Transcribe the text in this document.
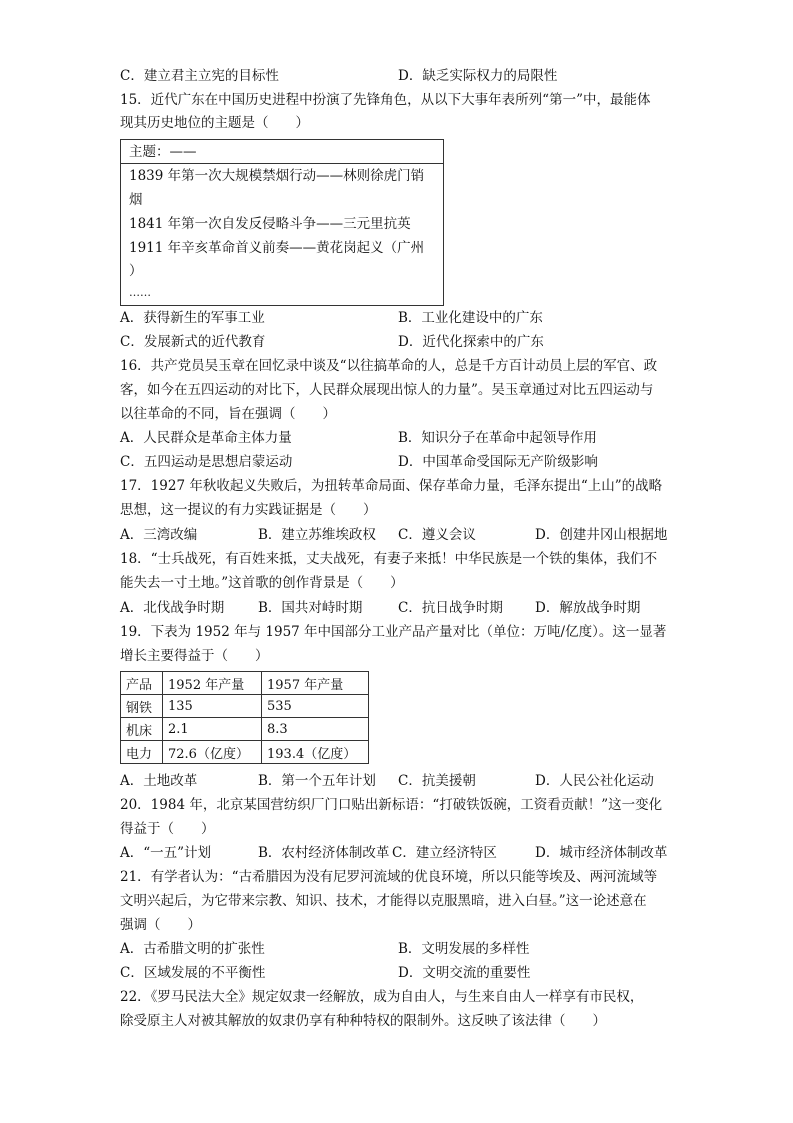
C．建立君主立宪的目标性	D．缺乏实际权力的局限性
15．近代广东在中国历史进程中扮演了先锋角色，从以下大事年表所列“第一”中，最能体
现其历史地位的主题是（　　）
主题：——
1839 年第一次大规模禁烟行动——林则徐虎门销
烟
1841 年第一次自发反侵略斗争——三元里抗英
1911 年辛亥革命首义前奏——黄花岗起义（广州
）
……
A．获得新生的军事工业	B．工业化建设中的广东
C．发展新式的近代教育	D．近代化探索中的广东
16．共产党员吴玉章在回忆录中谈及“以往搞革命的人，总是千方百计动员上层的军官、政
客，如今在五四运动的对比下，人民群众展现出惊人的力量”。吴玉章通过对比五四运动与
以往革命的不同，旨在强调（　　）
A．人民群众是革命主体力量	B．知识分子在革命中起领导作用
C．五四运动是思想启蒙运动	D．中国革命受国际无产阶级影响
17．1927 年秋收起义失败后，为扭转革命局面、保存革命力量，毛泽东提出“上山”的战略
思想，这一提议的有力实践证据是（　　）
A．三湾改编	B．建立苏维埃政权 C．遵义会议	D．创建井冈山根据地
18．“士兵战死，有百姓来抵，丈夫战死，有妻子来抵！中华民族是一个铁的集体，我们不
能失去一寸土地。”这首歌的创作背景是（　　）
A．北伐战争时期	B．国共对峙时期	C．抗日战争时期 D．解放战争时期
19．下表为 1952 年与 1957 年中国部分工业产品产量对比（单位：万吨/亿度）。这一显著
增长主要得益于（　　）
产品	1952 年产量	1957 年产量
钢铁	135	535
机床	2.1	8.3
电力	72.6（亿度）	193.4（亿度）
A．土地改革	B．第一个五年计划 C．抗美援朝	D．人民公社化运动
20．1984 年，北京某国营纺织厂门口贴出新标语：“打破铁饭碗，工资看贡献！”这一变化
得益于（　　）
A．“一五”计划	B．农村经济体制改革 C．建立经济特区	D．城市经济体制改革
21．有学者认为：“古希腊因为没有尼罗河流域的优良环境，所以只能等埃及、两河流域等
文明兴起后，为它带来宗教、知识、技术，才能得以克服黑暗，进入白昼。”这一论述意在
强调（　　）
A．古希腊文明的扩张性	B．文明发展的多样性
C．区域发展的不平衡性	D．文明交流的重要性
22．《罗马民法大全》规定奴隶一经解放，成为自由人，与生来自由人一样享有市民权，
除受原主人对被其解放的奴隶仍享有种种特权的限制外。这反映了该法律（　　）
